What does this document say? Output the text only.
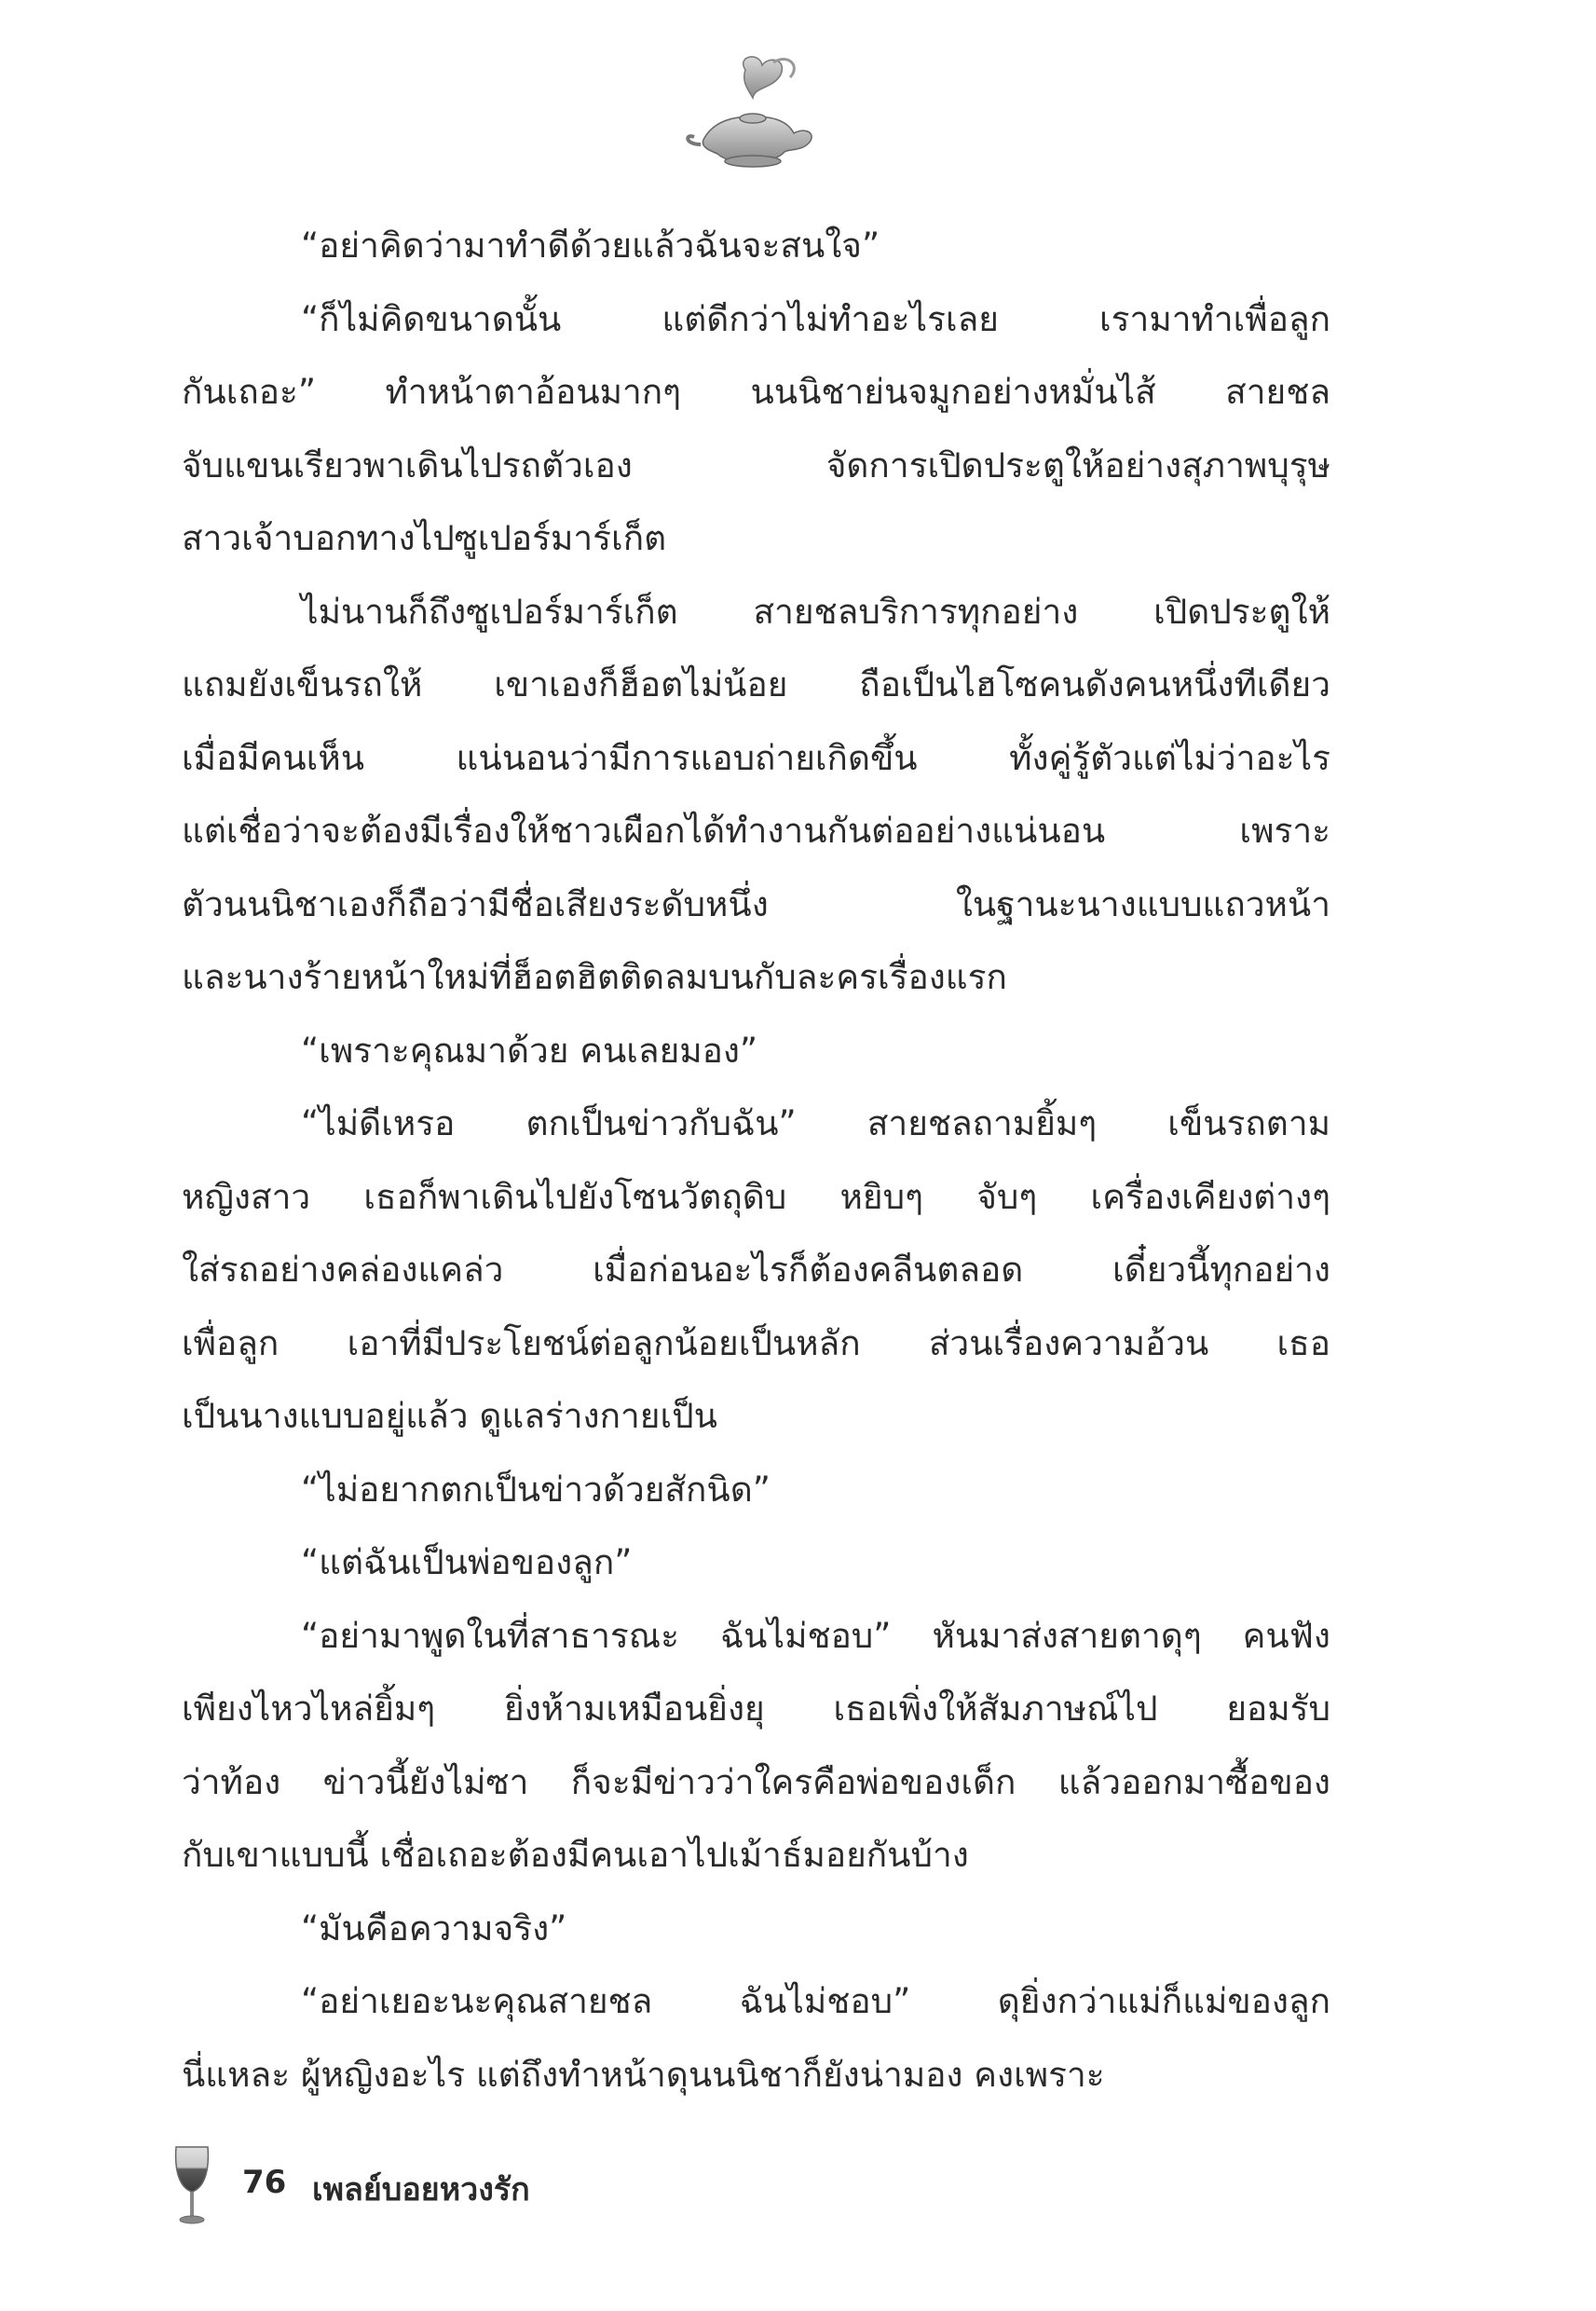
“อย่าคิดว่ามาทำดีด้วยแล้วฉันจะสนใจ”
“ก็ไม่คิดขนาดนั้น แต่ดีกว่าไม่ทำอะไรเลย เรามาทำเพื่อลูก
กันเถอะ” ทำหน้าตาอ้อนมากๆ นนนิชาย่นจมูกอย่างหมั่นไส้ สายชล
จับแขนเรียวพาเดินไปรถตัวเอง จัดการเปิดประตูให้อย่างสุภาพบุรุษ
สาวเจ้าบอกทางไปซูเปอร์มาร์เก็ต
ไม่นานก็ถึงซูเปอร์มาร์เก็ต สายชลบริการทุกอย่าง เปิดประตูให้
แถมยังเข็นรถให้ เขาเองก็ฮ็อตไม่น้อย ถือเป็นไฮโซคนดังคนหนึ่งทีเดียว
เมื่อมีคนเห็น แน่นอนว่ามีการแอบถ่ายเกิดขึ้น ทั้งคู่รู้ตัวแต่ไม่ว่าอะไร
แต่เชื่อว่าจะต้องมีเรื่องให้ชาวเผือกได้ทำงานกันต่ออย่างแน่นอน เพราะ
ตัวนนนิชาเองก็ถือว่ามีชื่อเสียงระดับหนึ่ง ในฐานะนางแบบแถวหน้า
และนางร้ายหน้าใหม่ที่ฮ็อตฮิตติดลมบนกับละครเรื่องแรก
“เพราะคุณมาด้วย คนเลยมอง”
“ไม่ดีเหรอ ตกเป็นข่าวกับฉัน” สายชลถามยิ้มๆ เข็นรถตาม
หญิงสาว เธอก็พาเดินไปยังโซนวัตถุดิบ หยิบๆ จับๆ เครื่องเคียงต่างๆ
ใส่รถอย่างคล่องแคล่ว เมื่อก่อนอะไรก็ต้องคลีนตลอด เดี๋ยวนี้ทุกอย่าง
เพื่อลูก เอาที่มีประโยชน์ต่อลูกน้อยเป็นหลัก ส่วนเรื่องความอ้วน เธอ
เป็นนางแบบอยู่แล้ว ดูแลร่างกายเป็น
“ไม่อยากตกเป็นข่าวด้วยสักนิด”
“แต่ฉันเป็นพ่อของลูก”
“อย่ามาพูดในที่สาธารณะ ฉันไม่ชอบ” หันมาส่งสายตาดุๆ คนฟัง
เพียงไหวไหล่ยิ้มๆ ยิ่งห้ามเหมือนยิ่งยุ เธอเพิ่งให้สัมภาษณ์ไป ยอมรับ
ว่าท้อง ข่าวนี้ยังไม่ซา ก็จะมีข่าวว่าใครคือพ่อของเด็ก แล้วออกมาซื้อของ
กับเขาแบบนี้ เชื่อเถอะต้องมีคนเอาไปเม้าธ์มอยกันบ้าง
“มันคือความจริง”
“อย่าเยอะนะคุณสายชล ฉันไม่ชอบ” ดุยิ่งกว่าแม่ก็แม่ของลูก
นี่แหละ ผู้หญิงอะไร แต่ถึงทำหน้าดุนนนิชาก็ยังน่ามอง คงเพราะ
76 เพลย์บอยหวงรัก
